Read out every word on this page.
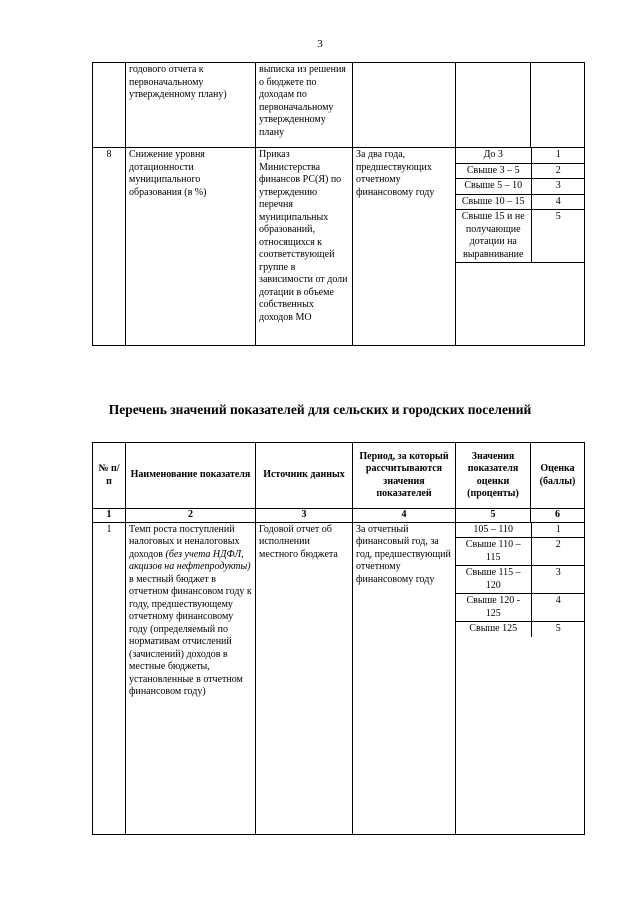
3
	годового отчета к первоначальному утвержденному плану)	выписка из решения о бюджете по доходам по первоначальному утвержденному плану			
8	Снижение уровня дотационности муниципального образования (в %)	Приказ Министерства финансов РС(Я) по утверждению перечня муниципальных образований, относящихся к соответствующей группе в зависимости от доли дотации в объеме собственных доходов МО	За два года, предшествующих отчетному финансовому году	
До 3	1
Свыше 3 – 5	2
Свыше 5 – 10	3
Свыше 10 – 15	4
Свыше 15 и не получающие дотации на выравнивание	5
Перечень значений показателей для сельских и городских поселений
№ п/п	Наименование показателя	Источник данных	Период, за который рассчитываются значения показателей	Значения показателя оценки (проценты)	Оценка (баллы)
1	2	3	4	5	6
1	Темп роста поступлений налоговых и неналоговых доходов (без учета НДФЛ, акцизов на нефтепродукты) в местный бюджет в отчетном финансовом году к году, предшествующему отчетному финансовому году (определяемый по нормативам отчислений (зачислений) доходов в местные бюджеты, установленные в отчетном финансовом году)	Годовой отчет об исполнении местного бюджета	За отчетный финансовый год, за год, предшествующий отчетному финансовому году	
105 – 110	1
Свыше 110 – 115	2
Свыше 115 – 120	3
Свыше 120 - 125	4
Свыше 125	5
